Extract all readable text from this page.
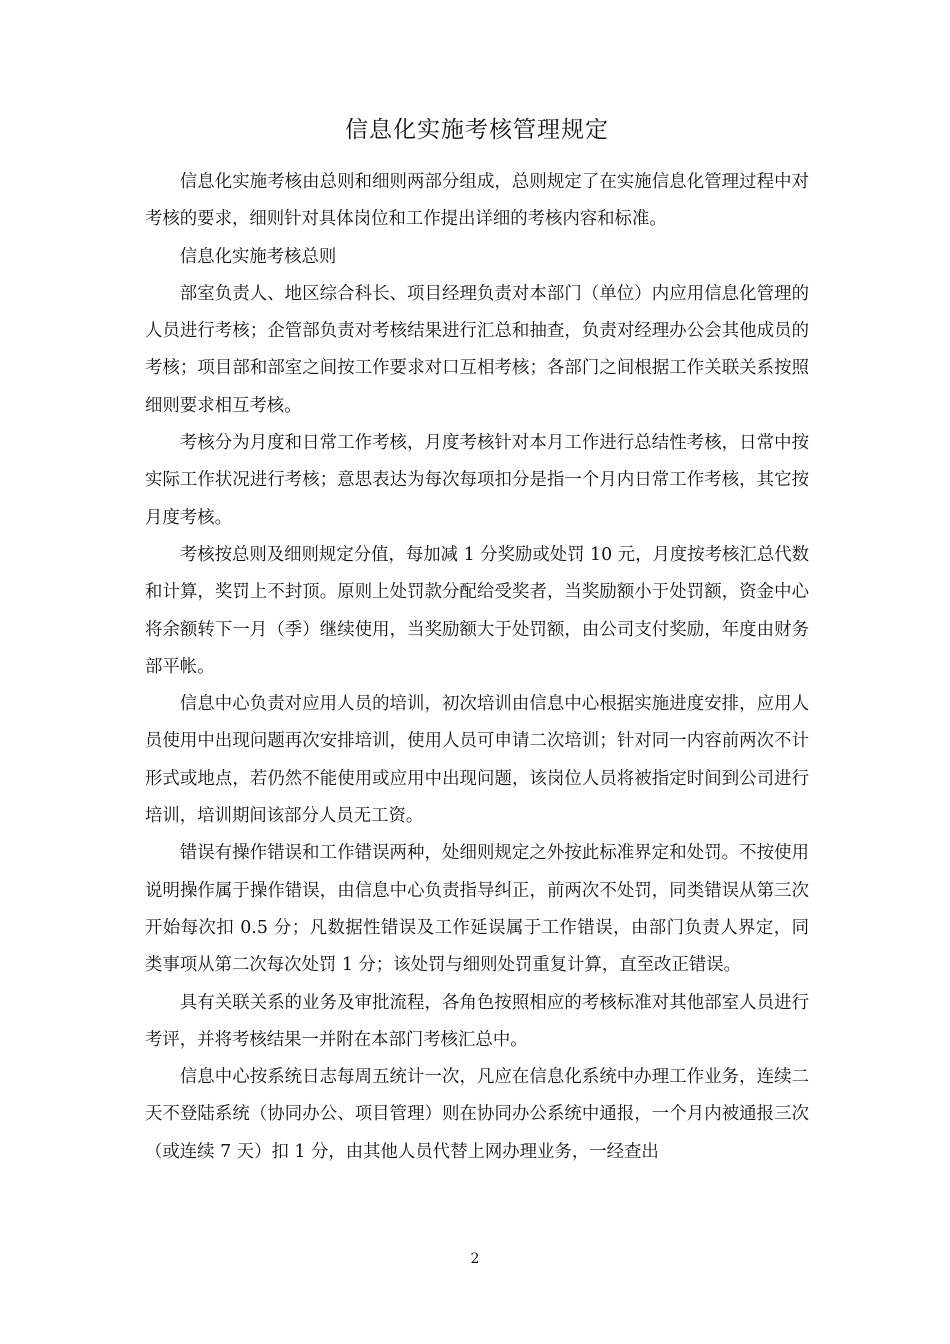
信息化实施考核管理规定

信息化实施考核由总则和细则两部分组成，总则规定了在实施信息化管理过程中对考核的要求，细则针对具体岗位和工作提出详细的考核内容和标准。

信息化实施考核总则

部室负责人、地区综合科长、项目经理负责对本部门（单位）内应用信息化管理的人员进行考核；企管部负责对考核结果进行汇总和抽查，负责对经理办公会其他成员的考核；项目部和部室之间按工作要求对口互相考核；各部门之间根据工作关联关系按照细则要求相互考核。

考核分为月度和日常工作考核，月度考核针对本月工作进行总结性考核，日常中按实际工作状况进行考核；意思表达为每次每项扣分是指一个月内日常工作考核，其它按月度考核。

考核按总则及细则规定分值，每加减 1 分奖励或处罚 10 元，月度按考核汇总代数和计算，奖罚上不封顶。原则上处罚款分配给受奖者，当奖励额小于处罚额，资金中心将余额转下一月（季）继续使用，当奖励额大于处罚额，由公司支付奖励，年度由财务部平帐。

信息中心负责对应用人员的培训，初次培训由信息中心根据实施进度安排，应用人员使用中出现问题再次安排培训，使用人员可申请二次培训；针对同一内容前两次不计形式或地点，若仍然不能使用或应用中出现问题，该岗位人员将被指定时间到公司进行培训，培训期间该部分人员无工资。

错误有操作错误和工作错误两种，处细则规定之外按此标准界定和处罚。不按使用说明操作属于操作错误，由信息中心负责指导纠正，前两次不处罚，同类错误从第三次开始每次扣 0.5 分；凡数据性错误及工作延误属于工作错误，由部门负责人界定，同类事项从第二次每次处罚 1 分；该处罚与细则处罚重复计算，直至改正错误。

具有关联关系的业务及审批流程，各角色按照相应的考核标准对其他部室人员进行考评，并将考核结果一并附在本部门考核汇总中。

信息中心按系统日志每周五统计一次，凡应在信息化系统中办理工作业务，连续二天不登陆系统（协同办公、项目管理）则在协同办公系统中通报，一个月内被通报三次（或连续 7 天）扣 1 分，由其他人员代替上网办理业务，一经查出

2
